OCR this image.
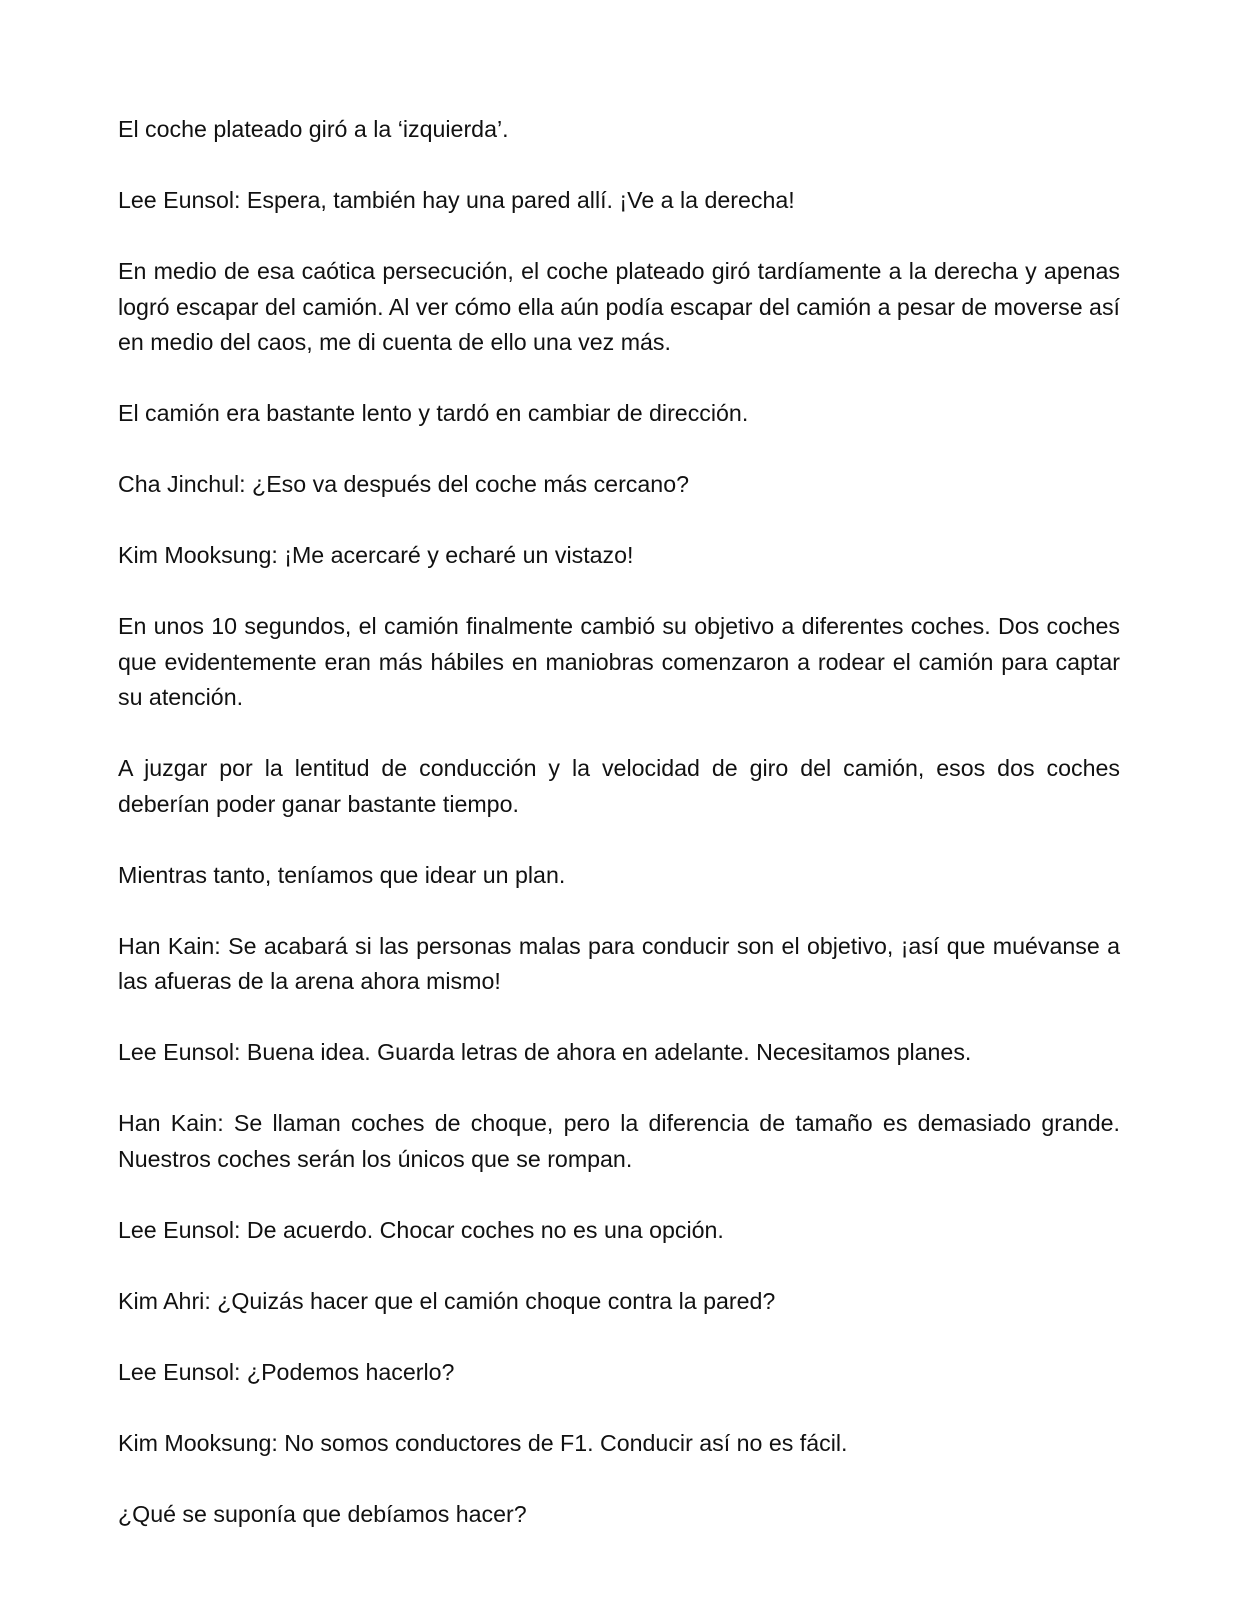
El coche plateado giró a la ‘izquierda’.

Lee Eunsol: Espera, también hay una pared allí. ¡Ve a la derecha!

En medio de esa caótica persecución, el coche plateado giró tardíamente a la derecha y apenas logró escapar del camión. Al ver cómo ella aún podía escapar del camión a pesar de moverse así en medio del caos, me di cuenta de ello una vez más.

El camión era bastante lento y tardó en cambiar de dirección.

Cha Jinchul: ¿Eso va después del coche más cercano?

Kim Mooksung: ¡Me acercaré y echaré un vistazo!

En unos 10 segundos, el camión finalmente cambió su objetivo a diferentes coches. Dos coches que evidentemente eran más hábiles en maniobras comenzaron a rodear el camión para captar su atención.

A juzgar por la lentitud de conducción y la velocidad de giro del camión, esos dos coches deberían poder ganar bastante tiempo.

Mientras tanto, teníamos que idear un plan.

Han Kain: Se acabará si las personas malas para conducir son el objetivo, ¡así que muévanse a las afueras de la arena ahora mismo!

Lee Eunsol: Buena idea. Guarda letras de ahora en adelante. Necesitamos planes.

Han Kain: Se llaman coches de choque, pero la diferencia de tamaño es demasiado grande. Nuestros coches serán los únicos que se rompan.

Lee Eunsol: De acuerdo. Chocar coches no es una opción.

Kim Ahri: ¿Quizás hacer que el camión choque contra la pared?

Lee Eunsol: ¿Podemos hacerlo?

Kim Mooksung: No somos conductores de F1. Conducir así no es fácil.

¿Qué se suponía que debíamos hacer?
